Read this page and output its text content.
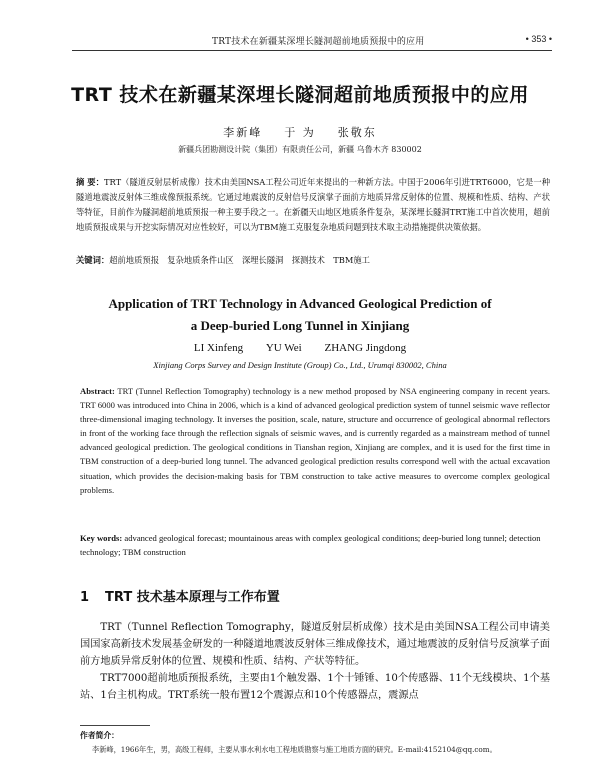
TRT技术在新疆某深埋长隧洞超前地质预报中的应用	• 353 •
TRT 技术在新疆某深埋长隧洞超前地质预报中的应用
李新峰 于 为 张敬东
新疆兵团勘测设计院（集团）有限责任公司，新疆 乌鲁木齐 830002
摘 要：TRT（隧道反射层析成像）技术由美国NSA工程公司近年来提出的一种新方法。中国于2006年引进TRT6000，它是一种隧道地震波反射体三维成像预报系统。它通过地震波的反射信号反演掌子面前方地质异常反射体的位置、规模和性质、结构、产状等特征，目前作为隧洞超前地质预报一种主要手段之一。在新疆天山地区地质条件复杂，某深埋长隧洞TRT施工中首次使用，超前地质预报成果与开挖实际情况对应性较好，可以为TBM施工克服复杂地质问题到技术取主动措施提供决策依据。
关键词：超前地质预报　复杂地质条件山区　深埋长隧洞　探测技术　TBM施工
Application of TRT Technology in Advanced Geological Prediction of
a Deep-buried Long Tunnel in Xinjiang
LI Xinfeng YU Wei ZHANG Jingdong
Xinjiang Corps Survey and Design Institute (Group) Co., Ltd., Urumqi 830002, China
Abstract: TRT (Tunnel Reflection Tomography) technology is a new method proposed by NSA engineering company in recent years. TRT 6000 was introduced into China in 2006, which is a kind of advanced geological prediction system of tunnel seismic wave reflector three-dimensional imaging technology. It inverses the position, scale, nature, structure and occurrence of geological abnormal reflectors in front of the working face through the reflection signals of seismic waves, and is currently regarded as a mainstream method of tunnel advanced geological prediction. The geological conditions in Tianshan region, Xinjiang are complex, and it is used for the first time in TBM construction of a deep-buried long tunnel. The advanced geological prediction results correspond well with the actual excavation situation, which provides the decision-making basis for TBM construction to take active measures to overcome complex geological problems.
Key words: advanced geological forecast; mountainous areas with complex geological conditions; deep-buried long tunnel; detection technology; TBM construction
1 TRT 技术基本原理与工作布置

TRT（Tunnel Reflection Tomography，隧道反射层析成像）技术是由美国NSA工程公司申请美国国家高新技术发展基金研发的一种隧道地震波反射体三维成像技术，通过地震波的反射信号反演掌子面前方地质异常反射体的位置、规模和性质、结构、产状等特征。

TRT7000超前地质预报系统，主要由1个触发器、1个十锤锤、10个传感器、11个无线模块、1个基站、1台主机构成。TRT系统一般布置12个震源点和10个传感器点，震源点

作者简介：
李新峰，1966年生，男，高级工程师，主要从事水利水电工程地质勘察与施工地质方面的研究。E-mail:4152104@qq.com。
